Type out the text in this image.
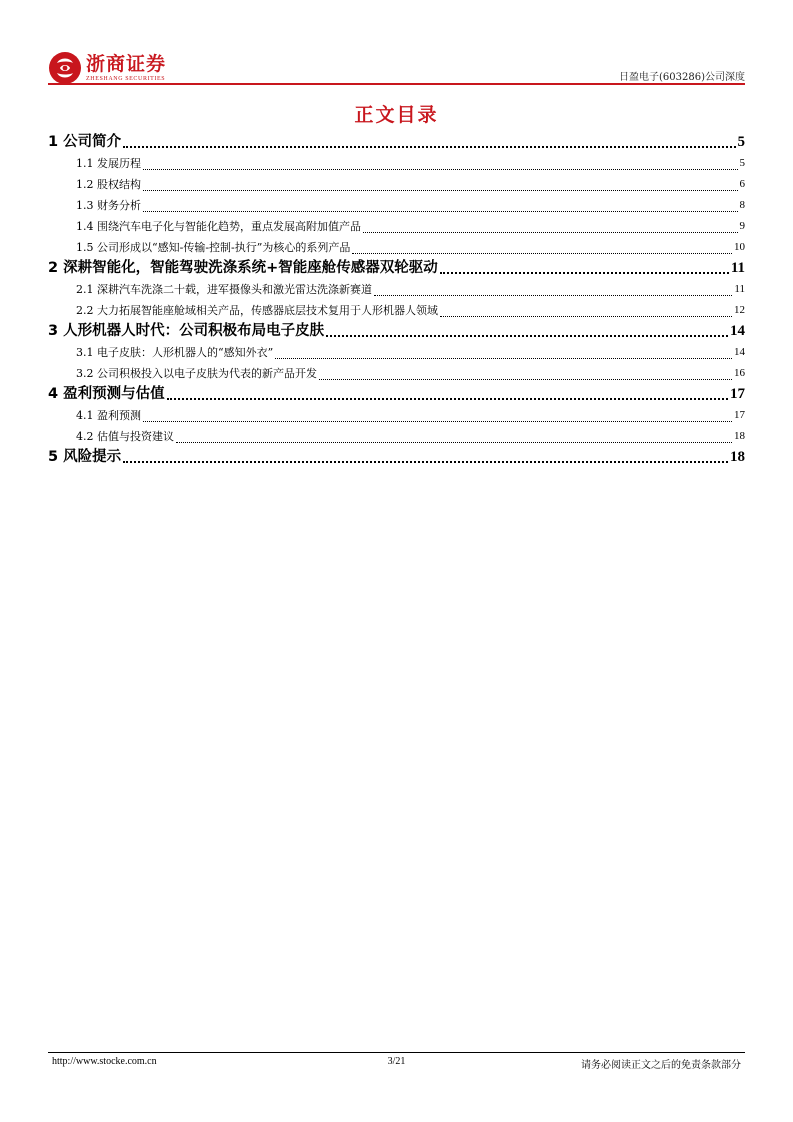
浙商证券
ZHESHANG SECURITIES	日盈电子(603286)公司深度
正文目录
1 公司简介	5
1.1 发展历程	5
1.2 股权结构	6
1.3 财务分析	8
1.4 围绕汽车电子化与智能化趋势，重点发展高附加值产品	9
1.5 公司形成以“感知-传输-控制-执行”为核心的系列产品	10
2 深耕智能化，智能驾驶洗涤系统+智能座舱传感器双轮驱动	11
2.1 深耕汽车洗涤二十载，进军摄像头和激光雷达洗涤新赛道	11
2.2 大力拓展智能座舱域相关产品，传感器底层技术复用于人形机器人领域	12
3 人形机器人时代：公司积极布局电子皮肤	14
3.1 电子皮肤：人形机器人的“感知外衣”	14
3.2 公司积极投入以电子皮肤为代表的新产品开发	16
4 盈利预测与估值	17
4.1 盈利预测	17
4.2 估值与投资建议	18
5 风险提示	18
http://www.stocke.com.cn	3/21	请务必阅读正文之后的免责条款部分
